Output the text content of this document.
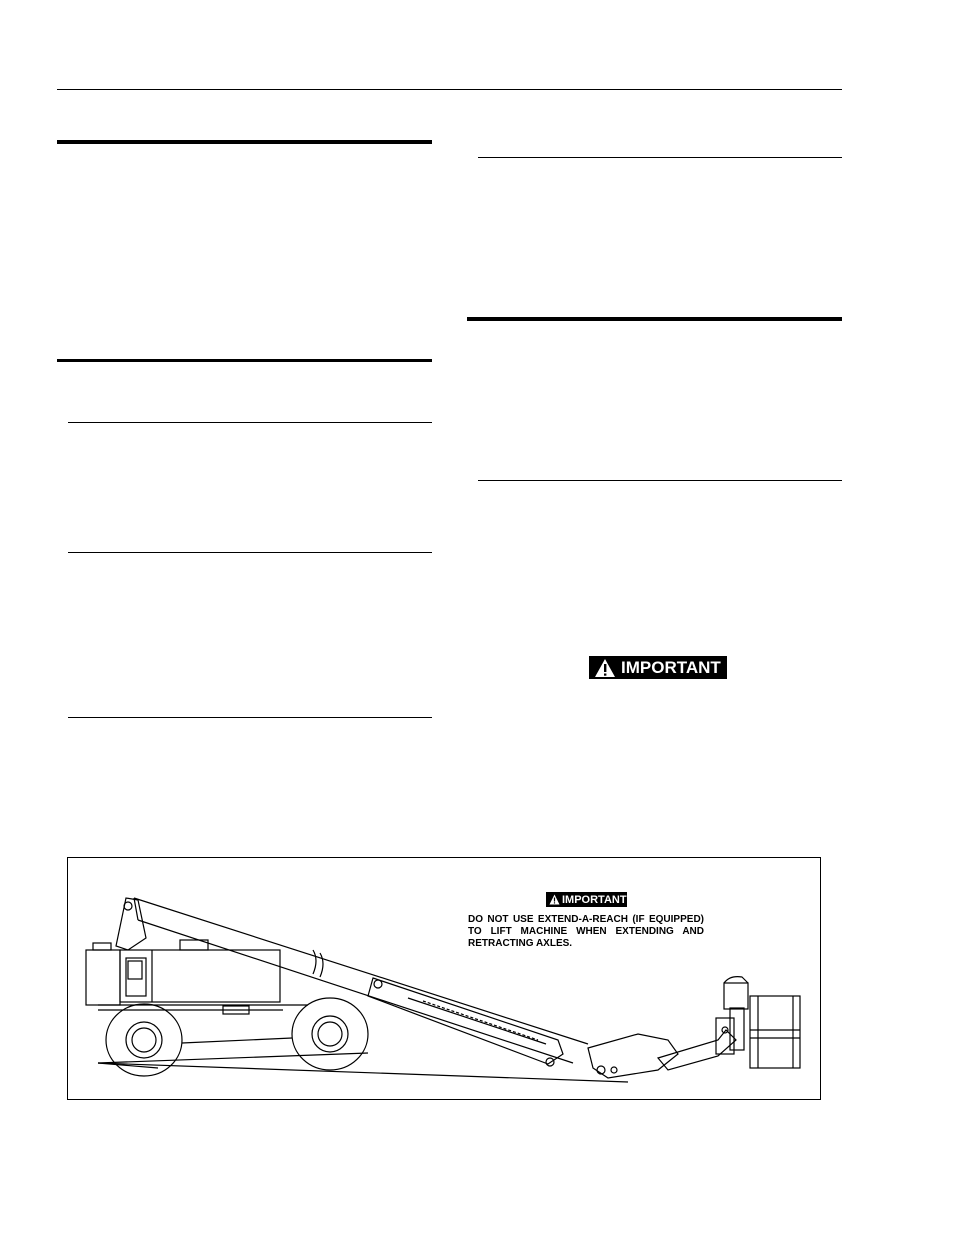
IMPORTANT
IMPORTANT
DO NOT USE EXTEND-A-REACH (IF EQUIPPED) TO LIFT MACHINE WHEN EXTENDING AND RETRACTING AXLES.
